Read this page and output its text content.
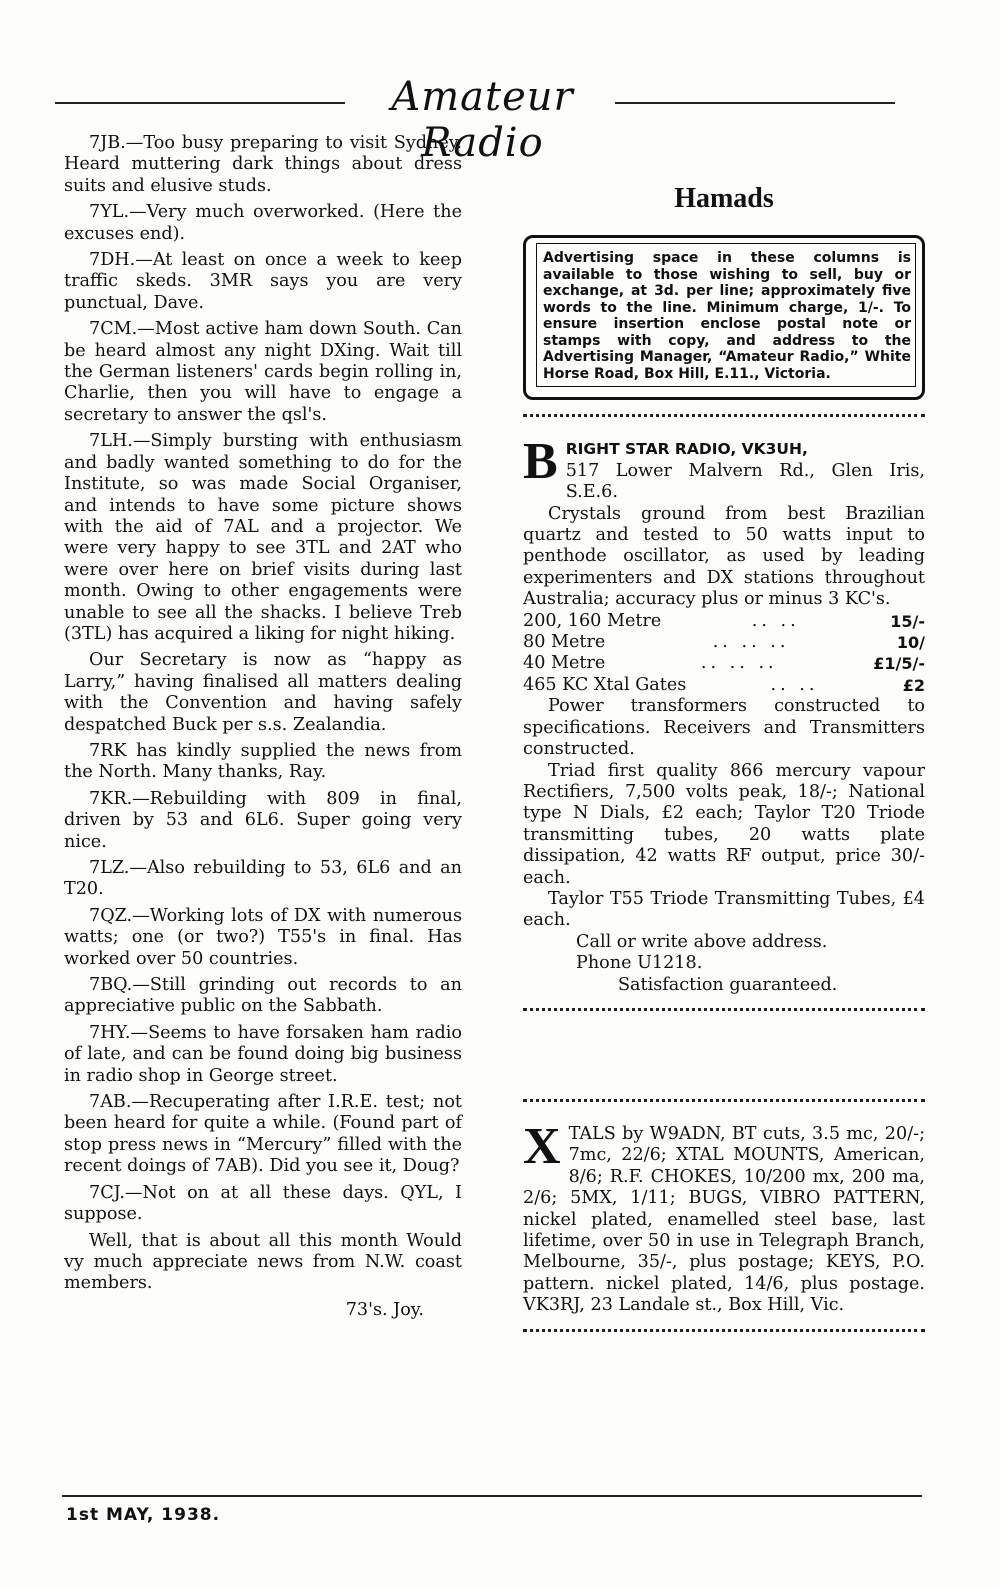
Amateur Radio

7JB.—Too busy preparing to visit Sydney. Heard muttering dark things about dress suits and elusive studs.

7YL.—Very much overworked. (Here the excuses end).

7DH.—At least on once a week to keep traffic skeds. 3MR says you are very punctual, Dave.

7CM.—Most active ham down South. Can be heard almost any night DXing. Wait till the German listeners' cards begin rolling in, Charlie, then you will have to engage a secretary to answer the qsl's.

7LH.—Simply bursting with enthusiasm and badly wanted something to do for the Institute, so was made Social Organiser, and intends to have some picture shows with the aid of 7AL and a projector. We were very happy to see 3TL and 2AT who were over here on brief visits during last month. Owing to other engagements were unable to see all the shacks. I believe Treb (3TL) has acquired a liking for night hiking.

Our Secretary is now as “happy as Larry,” having finalised all matters dealing with the Convention and having safely despatched Buck per s.s. Zealandia.

7RK has kindly supplied the news from the North. Many thanks, Ray.

7KR.—Rebuilding with 809 in final, driven by 53 and 6L6. Super going very nice.

7LZ.—Also rebuilding to 53, 6L6 and an T20.

7QZ.—Working lots of DX with numerous watts; one (or two?) T55's in final. Has worked over 50 countries.

7BQ.—Still grinding out records to an appreciative public on the Sabbath.

7HY.—Seems to have forsaken ham radio of late, and can be found doing big business in radio shop in George street.

7AB.—Recuperating after I.R.E. test; not been heard for quite a while. (Found part of stop press news in “Mercury” filled with the recent doings of 7AB). Did you see it, Doug?

7CJ.—Not on at all these days. QYL, I suppose.

Well, that is about all this month Would vy much appreciate news from N.W. coast members.

73's. Joy.

Hamads
Advertising space in these columns is available to those wishing to sell, buy or exchange, at 3d. per line; approximately five words to the line. Minimum charge, 1/-. To ensure insertion enclose postal note or stamps with copy, and address to the Advertising Manager, “Amateur Radio,” White Horse Road, Box Hill, E.11., Victoria.

B RIGHT STAR RADIO, VK3UH,
517 Lower Malvern Rd., Glen Iris, S.E.6.

Crystals ground from best Brazilian quartz and tested to 50 watts input to penthode oscillator, as used by leading experimenters and DX stations throughout Australia; accuracy plus or minus 3 KC's.

200, 160 Metre	.. ..	15/-
80 Metre	.. .. ..	10/
40 Metre	.. .. ..	£1/5/-
465 KC Xtal Gates	.. ..	£2

Power transformers constructed to specifications. Receivers and Transmitters constructed.

Triad first quality 866 mercury vapour Rectifiers, 7,500 volts peak, 18/-; National type N Dials, £2 each; Taylor T20 Triode transmitting tubes, 20 watts plate dissipation, 42 watts RF output, price 30/- each.

Taylor T55 Triode Transmitting Tubes, £4 each.

Call or write above address.

Phone U1218.

Satisfaction guaranteed.

X TALS by W9ADN, BT cuts, 3.5 mc, 20/-; 7mc, 22/6; XTAL MOUNTS, American, 8/6; R.F. CHOKES, 10/200 mx, 200 ma, 2/6; 5MX, 1/11; BUGS, VIBRO PATTERN, nickel plated, enamelled steel base, last lifetime, over 50 in use in Telegraph Branch, Melbourne, 35/-, plus postage; KEYS, P.O. pattern. nickel plated, 14/6, plus postage. VK3RJ, 23 Landale st., Box Hill, Vic.

1st MAY, 1938.
